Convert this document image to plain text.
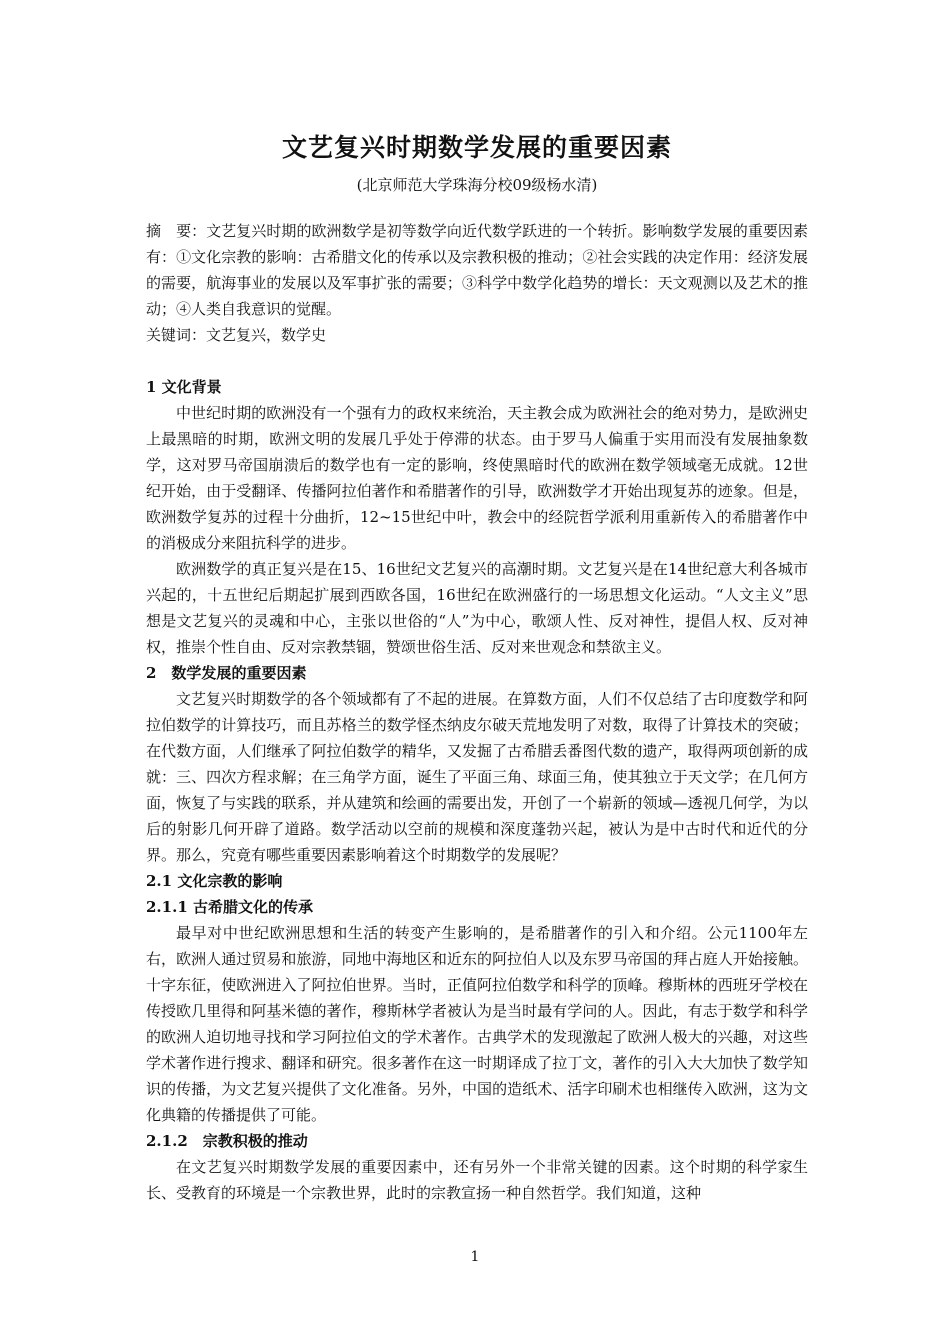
文艺复兴时期数学发展的重要因素
(北京师范大学珠海分校09级杨水清)

摘　要：文艺复兴时期的欧洲数学是初等数学向近代数学跃进的一个转折。影响数学发展的重要因素有：①文化宗教的影响：古希腊文化的传承以及宗教积极的推动；②社会实践的决定作用：经济发展的需要，航海事业的发展以及军事扩张的需要；③科学中数学化趋势的增长：天文观测以及艺术的推动；④人类自我意识的觉醒。

关键词：文艺复兴，数学史

1 文化背景

中世纪时期的欧洲没有一个强有力的政权来统治，天主教会成为欧洲社会的绝对势力，是欧洲史上最黑暗的时期，欧洲文明的发展几乎处于停滞的状态。由于罗马人偏重于实用而没有发展抽象数学，这对罗马帝国崩溃后的数学也有一定的影响，终使黑暗时代的欧洲在数学领域毫无成就。12世纪开始，由于受翻译、传播阿拉伯著作和希腊著作的引导，欧洲数学才开始出现复苏的迹象。但是，欧洲数学复苏的过程十分曲折，12~15世纪中叶，教会中的经院哲学派利用重新传入的希腊著作中的消极成分来阻抗科学的进步。

欧洲数学的真正复兴是在15、16世纪文艺复兴的高潮时期。文艺复兴是在14世纪意大利各城市兴起的，十五世纪后期起扩展到西欧各国，16世纪在欧洲盛行的一场思想文化运动。“人文主义”思想是文艺复兴的灵魂和中心，主张以世俗的“人”为中心，歌颂人性、反对神性，提倡人权、反对神权，推崇个性自由、反对宗教禁锢，赞颂世俗生活、反对来世观念和禁欲主义。

2　数学发展的重要因素

文艺复兴时期数学的各个领域都有了不起的进展。在算数方面，人们不仅总结了古印度数学和阿拉伯数学的计算技巧，而且苏格兰的数学怪杰纳皮尔破天荒地发明了对数，取得了计算技术的突破；在代数方面，人们继承了阿拉伯数学的精华，又发掘了古希腊丢番图代数的遗产，取得两项创新的成就：三、四次方程求解；在三角学方面，诞生了平面三角、球面三角，使其独立于天文学；在几何方面，恢复了与实践的联系，并从建筑和绘画的需要出发，开创了一个崭新的领域—透视几何学，为以后的射影几何开辟了道路。数学活动以空前的规模和深度蓬勃兴起，被认为是中古时代和近代的分界。那么，究竟有哪些重要因素影响着这个时期数学的发展呢？

2.1 文化宗教的影响

2.1.1 古希腊文化的传承

最早对中世纪欧洲思想和生活的转变产生影响的，是希腊著作的引入和介绍。公元1100年左右，欧洲人通过贸易和旅游，同地中海地区和近东的阿拉伯人以及东罗马帝国的拜占庭人开始接触。十字东征，使欧洲进入了阿拉伯世界。当时，正值阿拉伯数学和科学的顶峰。穆斯林的西班牙学校在传授欧几里得和阿基米德的著作，穆斯林学者被认为是当时最有学问的人。因此，有志于数学和科学的欧洲人迫切地寻找和学习阿拉伯文的学术著作。古典学术的发现激起了欧洲人极大的兴趣，对这些学术著作进行搜求、翻译和研究。很多著作在这一时期译成了拉丁文，著作的引入大大加快了数学知识的传播，为文艺复兴提供了文化准备。另外，中国的造纸术、活字印刷术也相继传入欧洲，这为文化典籍的传播提供了可能。

2.1.2　宗教积极的推动

在文艺复兴时期数学发展的重要因素中，还有另外一个非常关键的因素。这个时期的科学家生长、受教育的环境是一个宗教世界，此时的宗教宣扬一种自然哲学。我们知道，这种

1
